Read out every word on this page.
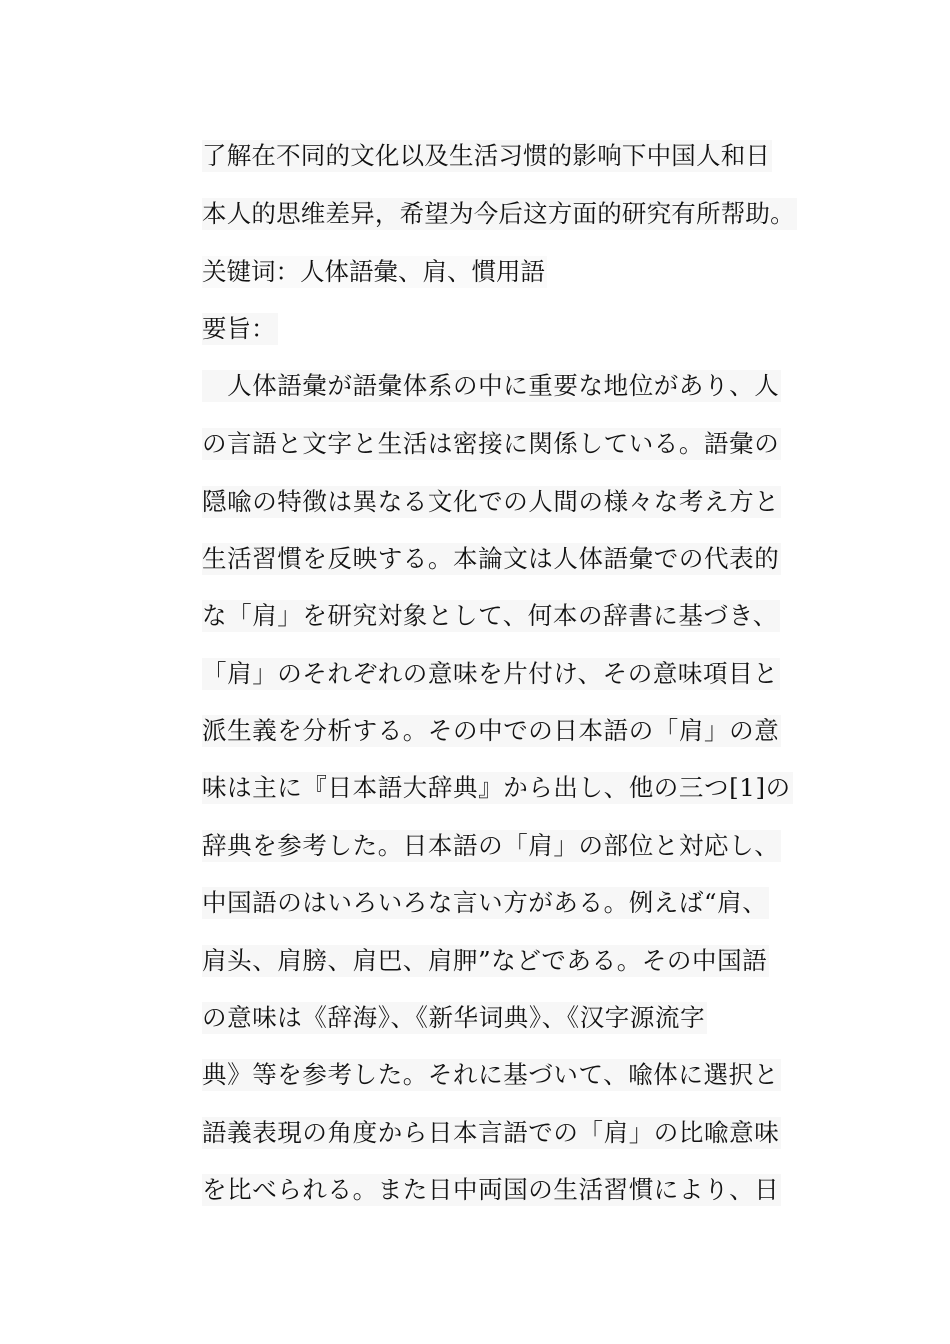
了解在不同的文化以及生活习惯的影响下中国人和日
本人的思维差异，希望为今后这方面的研究有所帮助。
关键词：人体語彙、肩、慣用語
要旨：
　人体語彙が語彙体系の中に重要な地位があり、人
の言語と文字と生活は密接に関係している。語彙の
隠喩の特徴は異なる文化での人間の様々な考え方と
生活習慣を反映する。本論文は人体語彙での代表的
な「肩」を研究対象として、何本の辞書に基づき、
「肩」のそれぞれの意味を片付け、その意味項目と
派生義を分析する。その中での日本語の「肩」の意
味は主に『日本語大辞典』から出し、他の三つ[1]の
辞典を参考した。日本語の「肩」の部位と対応し、
中国語のはいろいろな言い方がある。例えば“肩、
肩头、肩膀、肩巴、肩胛”などである。その中国語
の意味は《辞海》、《新华词典》、《汉字源流字
典》等を参考した。それに基づいて、喩体に選択と
語義表現の角度から日本言語での「肩」の比喩意味
を比べられる。また日中両国の生活習慣により、日
